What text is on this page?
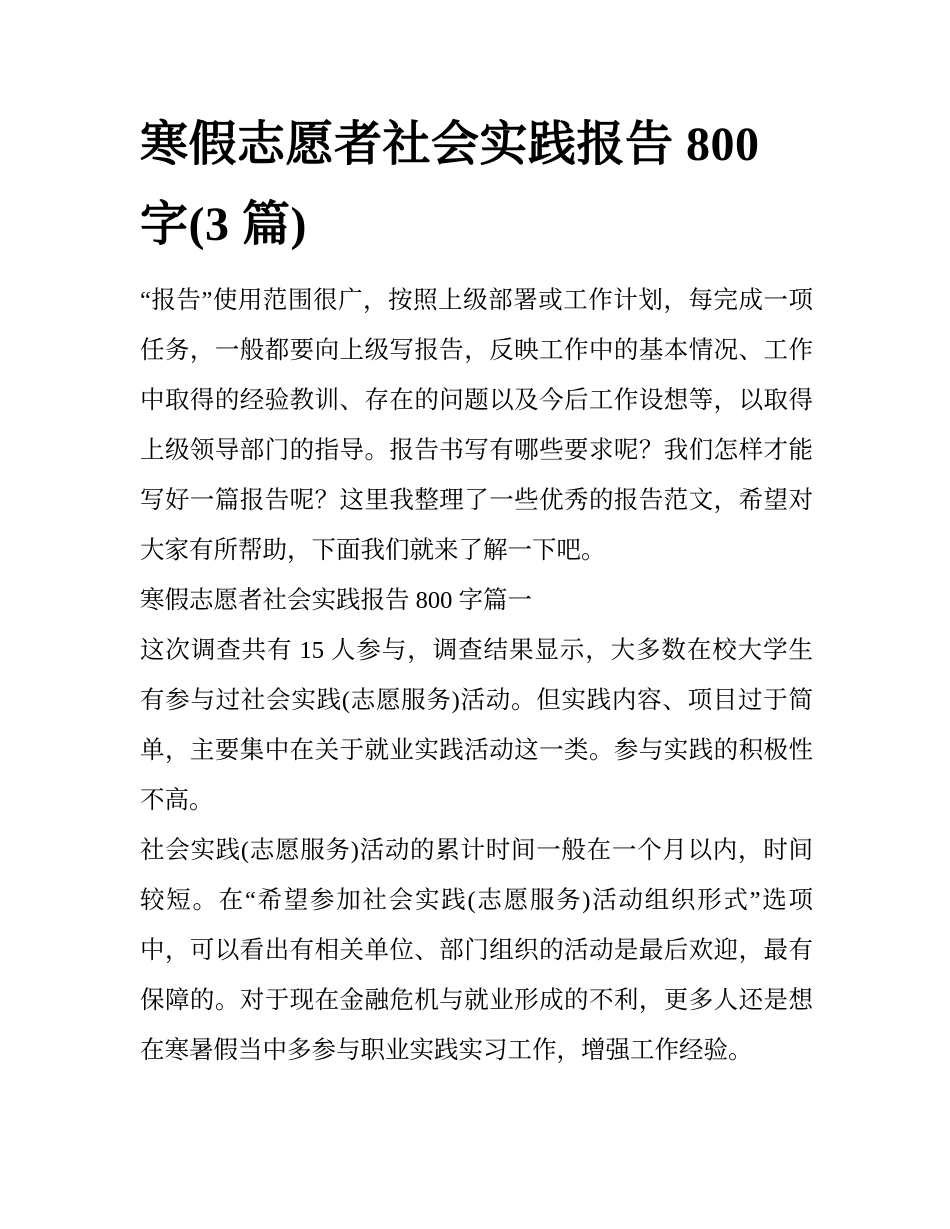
寒假志愿者社会实践报告 800
字(3 篇)
“报告”使用范围很广，按照上级部署或工作计划，每完成一项
任务，一般都要向上级写报告，反映工作中的基本情况、工作
中取得的经验教训、存在的问题以及今后工作设想等，以取得
上级领导部门的指导。报告书写有哪些要求呢？我们怎样才能
写好一篇报告呢？这里我整理了一些优秀的报告范文，希望对
大家有所帮助，下面我们就来了解一下吧。
寒假志愿者社会实践报告 800 字篇一
这次调查共有 15 人参与，调查结果显示，大多数在校大学生
有参与过社会实践(志愿服务)活动。但实践内容、项目过于简
单，主要集中在关于就业实践活动这一类。参与实践的积极性
不高。
社会实践(志愿服务)活动的累计时间一般在一个月以内，时间
较短。在“希望参加社会实践(志愿服务)活动组织形式”选项
中，可以看出有相关单位、部门组织的活动是最后欢迎，最有
保障的。对于现在金融危机与就业形成的不利，更多人还是想
在寒暑假当中多参与职业实践实习工作，增强工作经验。
